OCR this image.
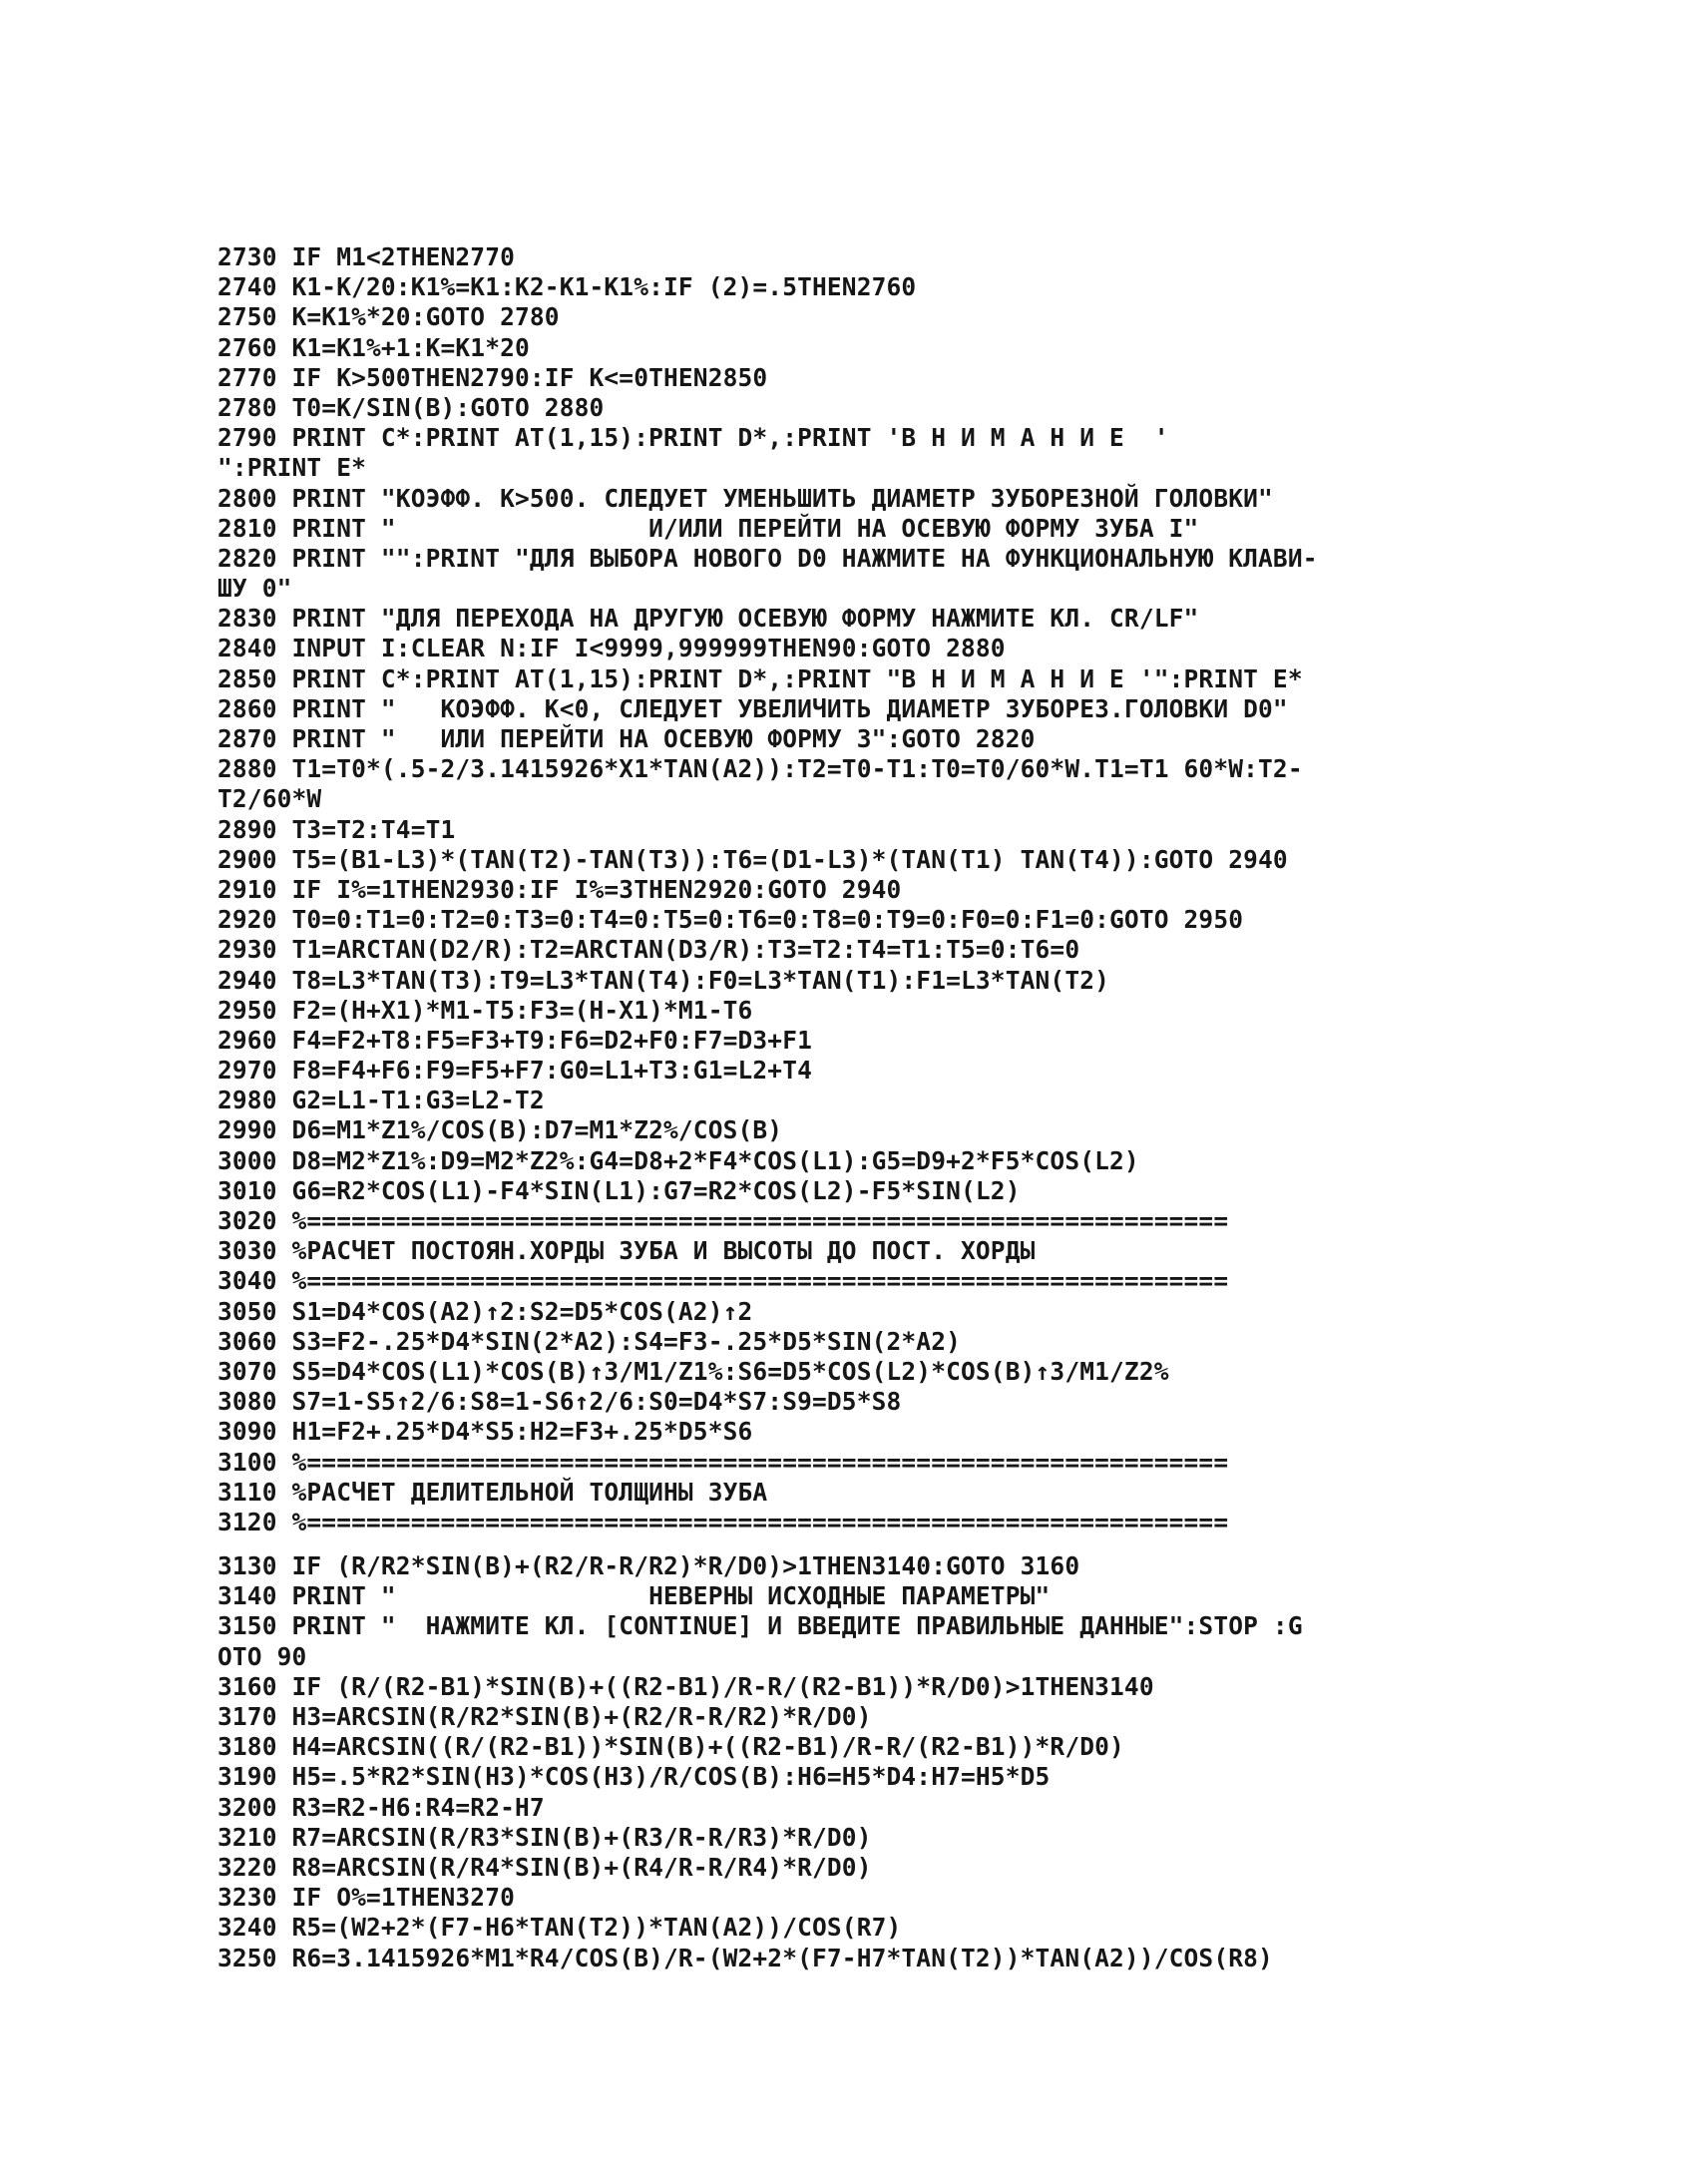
2730 IF M1<2THEN2770
2740 K1-K/20:K1%=K1:K2-K1-K1%:IF (2)=.5THEN2760
2750 K=K1%*20:GOTO 2780
2760 K1=K1%+1:K=K1*20
2770 IF K>500THEN2790:IF K<=0THEN2850
2780 T0=K/SIN(B):GOTO 2880
2790 PRINT C*:PRINT AT(1,15):PRINT D*,:PRINT 'В Н И М А Н И Е  '
":PRINT E*
2800 PRINT "КОЭФФ. K>500. СЛЕДУЕТ УМЕНЬШИТЬ ДИАМЕТР ЗУБОРЕЗНОЙ ГОЛОВКИ"
2810 PRINT "                 И/ИЛИ ПЕРЕЙТИ НА ОСЕВУЮ ФОРМУ ЗУБА I"
2820 PRINT "":PRINT "ДЛЯ ВЫБОРА НОВОГО D0 НАЖМИТЕ НА ФУНКЦИОНАЛЬНУЮ КЛАВИ-
ШУ 0"
2830 PRINT "ДЛЯ ПЕРЕХОДА НА ДРУГУЮ ОСЕВУЮ ФОРМУ НАЖМИТЕ КЛ. CR/LF"
2840 INPUT I:CLEAR N:IF I<9999,999999THEN90:GOTO 2880
2850 PRINT C*:PRINT AT(1,15):PRINT D*,:PRINT "В Н И М А Н И Е '":PRINT E*
2860 PRINT "   КОЭФФ. K<0, СЛЕДУЕТ УВЕЛИЧИТЬ ДИАМЕТР ЗУБОРЕЗ.ГОЛОВКИ D0"
2870 PRINT "   ИЛИ ПЕРЕЙТИ НА ОСЕВУЮ ФОРМУ 3":GOTO 2820
2880 T1=T0*(.5-2/3.1415926*X1*TAN(A2)):T2=T0-T1:T0=T0/60*W.T1=T1 60*W:T2-
T2/60*W
2890 T3=T2:T4=T1
2900 T5=(B1-L3)*(TAN(T2)-TAN(T3)):T6=(D1-L3)*(TAN(T1) TAN(T4)):GOTO 2940
2910 IF I%=1THEN2930:IF I%=3THEN2920:GOTO 2940
2920 T0=0:T1=0:T2=0:T3=0:T4=0:T5=0:T6=0:T8=0:T9=0:F0=0:F1=0:GOTO 2950
2930 T1=ARCTAN(D2/R):T2=ARCTAN(D3/R):T3=T2:T4=T1:T5=0:T6=0
2940 T8=L3*TAN(T3):T9=L3*TAN(T4):F0=L3*TAN(T1):F1=L3*TAN(T2)
2950 F2=(H+X1)*M1-T5:F3=(H-X1)*M1-T6
2960 F4=F2+T8:F5=F3+T9:F6=D2+F0:F7=D3+F1
2970 F8=F4+F6:F9=F5+F7:G0=L1+T3:G1=L2+T4
2980 G2=L1-T1:G3=L2-T2
2990 D6=M1*Z1%/COS(B):D7=M1*Z2%/COS(B)
3000 D8=M2*Z1%:D9=M2*Z2%:G4=D8+2*F4*COS(L1):G5=D9+2*F5*COS(L2)
3010 G6=R2*COS(L1)-F4*SIN(L1):G7=R2*COS(L2)-F5*SIN(L2)
3020 %==============================================================
3030 %РАСЧЕТ ПОСТОЯН.ХОРДЫ ЗУБА И ВЫСОТЫ ДО ПОСТ. ХОРДЫ
3040 %==============================================================
3050 S1=D4*COS(A2)↑2:S2=D5*COS(A2)↑2
3060 S3=F2-.25*D4*SIN(2*A2):S4=F3-.25*D5*SIN(2*A2)
3070 S5=D4*COS(L1)*COS(B)↑3/M1/Z1%:S6=D5*COS(L2)*COS(B)↑3/M1/Z2%
3080 S7=1-S5↑2/6:S8=1-S6↑2/6:S0=D4*S7:S9=D5*S8
3090 H1=F2+.25*D4*S5:H2=F3+.25*D5*S6
3100 %==============================================================
3110 %РАСЧЕТ ДЕЛИТЕЛЬНОЙ ТОЛЩИНЫ ЗУБА
3120 %==============================================================
3130 IF (R/R2*SIN(B)+(R2/R-R/R2)*R/D0)>1THEN3140:GOTO 3160
3140 PRINT "                 НЕВЕРНЫ ИСХОДНЫЕ ПАРАМЕТРЫ"
3150 PRINT "  НАЖМИТЕ КЛ. [CONTINUE] И ВВЕДИТЕ ПРАВИЛЬНЫЕ ДАННЫЕ":STOP :G
OTO 90
3160 IF (R/(R2-B1)*SIN(B)+((R2-B1)/R-R/(R2-B1))*R/D0)>1THEN3140
3170 H3=ARCSIN(R/R2*SIN(B)+(R2/R-R/R2)*R/D0)
3180 H4=ARCSIN((R/(R2-B1))*SIN(B)+((R2-B1)/R-R/(R2-B1))*R/D0)
3190 H5=.5*R2*SIN(H3)*COS(H3)/R/COS(B):H6=H5*D4:H7=H5*D5
3200 R3=R2-H6:R4=R2-H7
3210 R7=ARCSIN(R/R3*SIN(B)+(R3/R-R/R3)*R/D0)
3220 R8=ARCSIN(R/R4*SIN(B)+(R4/R-R/R4)*R/D0)
3230 IF O%=1THEN3270
3240 R5=(W2+2*(F7-H6*TAN(T2))*TAN(A2))/COS(R7)
3250 R6=3.1415926*M1*R4/COS(B)/R-(W2+2*(F7-H7*TAN(T2))*TAN(A2))/COS(R8)
